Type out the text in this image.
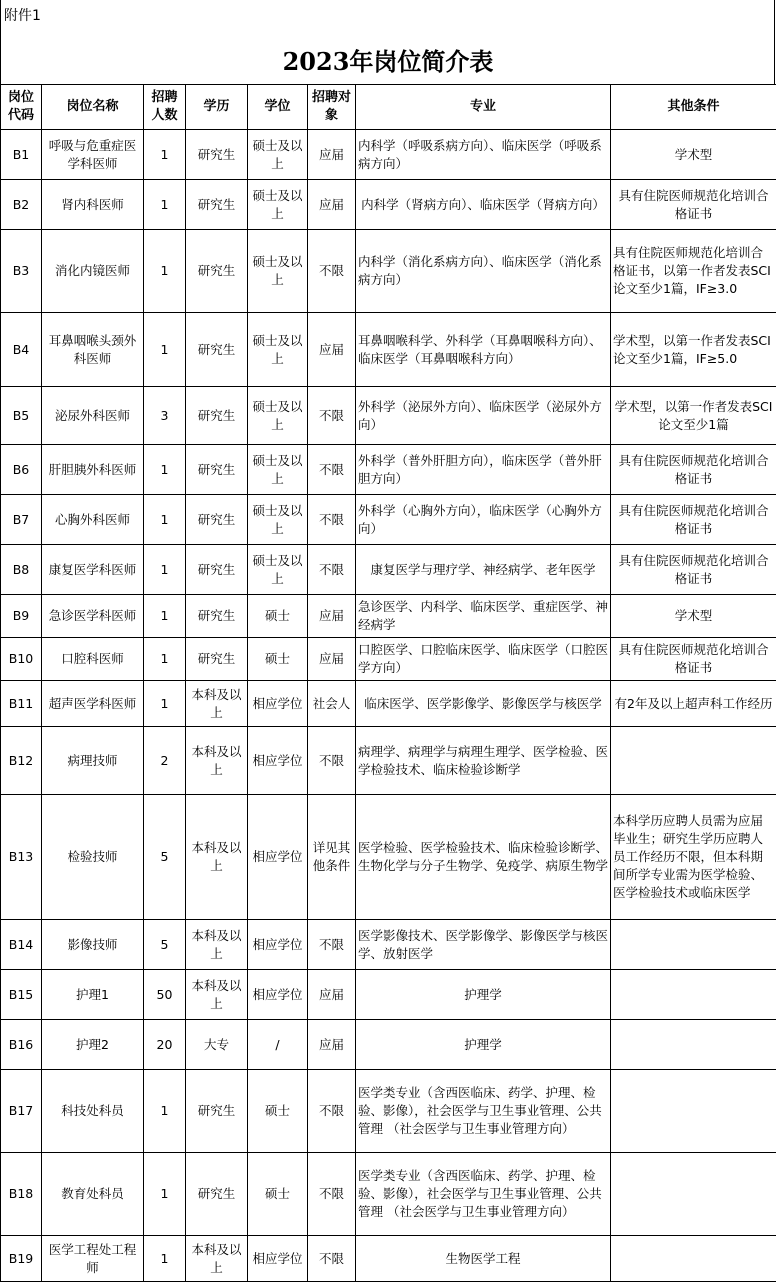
附件1
2023年岗位简介表
岗位代码	岗位名称	招聘人数	学历	学位	招聘对象	专业	其他条件
B1	呼吸与危重症医学科医师	1	研究生	硕士及以上	应届	内科学（呼吸系病方向）、临床医学（呼吸系病方向）	学术型
B2	肾内科医师	1	研究生	硕士及以上	应届	内科学（肾病方向）、临床医学（肾病方向）	具有住院医师规范化培训合格证书
B3	消化内镜医师	1	研究生	硕士及以上	不限	内科学（消化系病方向）、临床医学（消化系病方向）	具有住院医师规范化培训合格证书，以第一作者发表SCI论文至少1篇，IF≥3.0
B4	耳鼻咽喉头颈外科医师	1	研究生	硕士及以上	应届	耳鼻咽喉科学、外科学（耳鼻咽喉科方向）、临床医学（耳鼻咽喉科方向）	学术型，以第一作者发表SCI论文至少1篇，IF≥5.0
B5	泌尿外科医师	3	研究生	硕士及以上	不限	外科学（泌尿外方向）、临床医学（泌尿外方向）	学术型，以第一作者发表SCI论文至少1篇
B6	肝胆胰外科医师	1	研究生	硕士及以上	不限	外科学（普外肝胆方向），临床医学（普外肝胆方向）	具有住院医师规范化培训合格证书
B7	心胸外科医师	1	研究生	硕士及以上	不限	外科学（心胸外方向），临床医学（心胸外方向）	具有住院医师规范化培训合格证书
B8	康复医学科医师	1	研究生	硕士及以上	不限	康复医学与理疗学、神经病学、老年医学	具有住院医师规范化培训合格证书
B9	急诊医学科医师	1	研究生	硕士	应届	急诊医学、内科学、临床医学、重症医学、神经病学	学术型
B10	口腔科医师	1	研究生	硕士	应届	口腔医学、口腔临床医学、临床医学（口腔医学方向）	具有住院医师规范化培训合格证书
B11	超声医学科医师	1	本科及以上	相应学位	社会人	临床医学、医学影像学、影像医学与核医学	有2年及以上超声科工作经历
B12	病理技师	2	本科及以上	相应学位	不限	病理学、病理学与病理生理学、医学检验、医学检验技术、临床检验诊断学	
B13	检验技师	5	本科及以上	相应学位	详见其他条件	医学检验、医学检验技术、临床检验诊断学、生物化学与分子生物学、免疫学、病原生物学	本科学历应聘人员需为应届毕业生；研究生学历应聘人员工作经历不限，但本科期间所学专业需为医学检验、医学检验技术或临床医学
B14	影像技师	5	本科及以上	相应学位	不限	医学影像技术、医学影像学、影像医学与核医学、放射医学	
B15	护理1	50	本科及以上	相应学位	应届	护理学	
B16	护理2	20	大专	/	应届	护理学	
B17	科技处科员	1	研究生	硕士	不限	医学类专业（含西医临床、药学、护理、检验、影像），社会医学与卫生事业管理、公共管理 （社会医学与卫生事业管理方向）	
B18	教育处科员	1	研究生	硕士	不限	医学类专业（含西医临床、药学、护理、检验、影像），社会医学与卫生事业管理、公共管理 （社会医学与卫生事业管理方向）	
B19	医学工程处工程师	1	本科及以上	相应学位	不限	生物医学工程	
